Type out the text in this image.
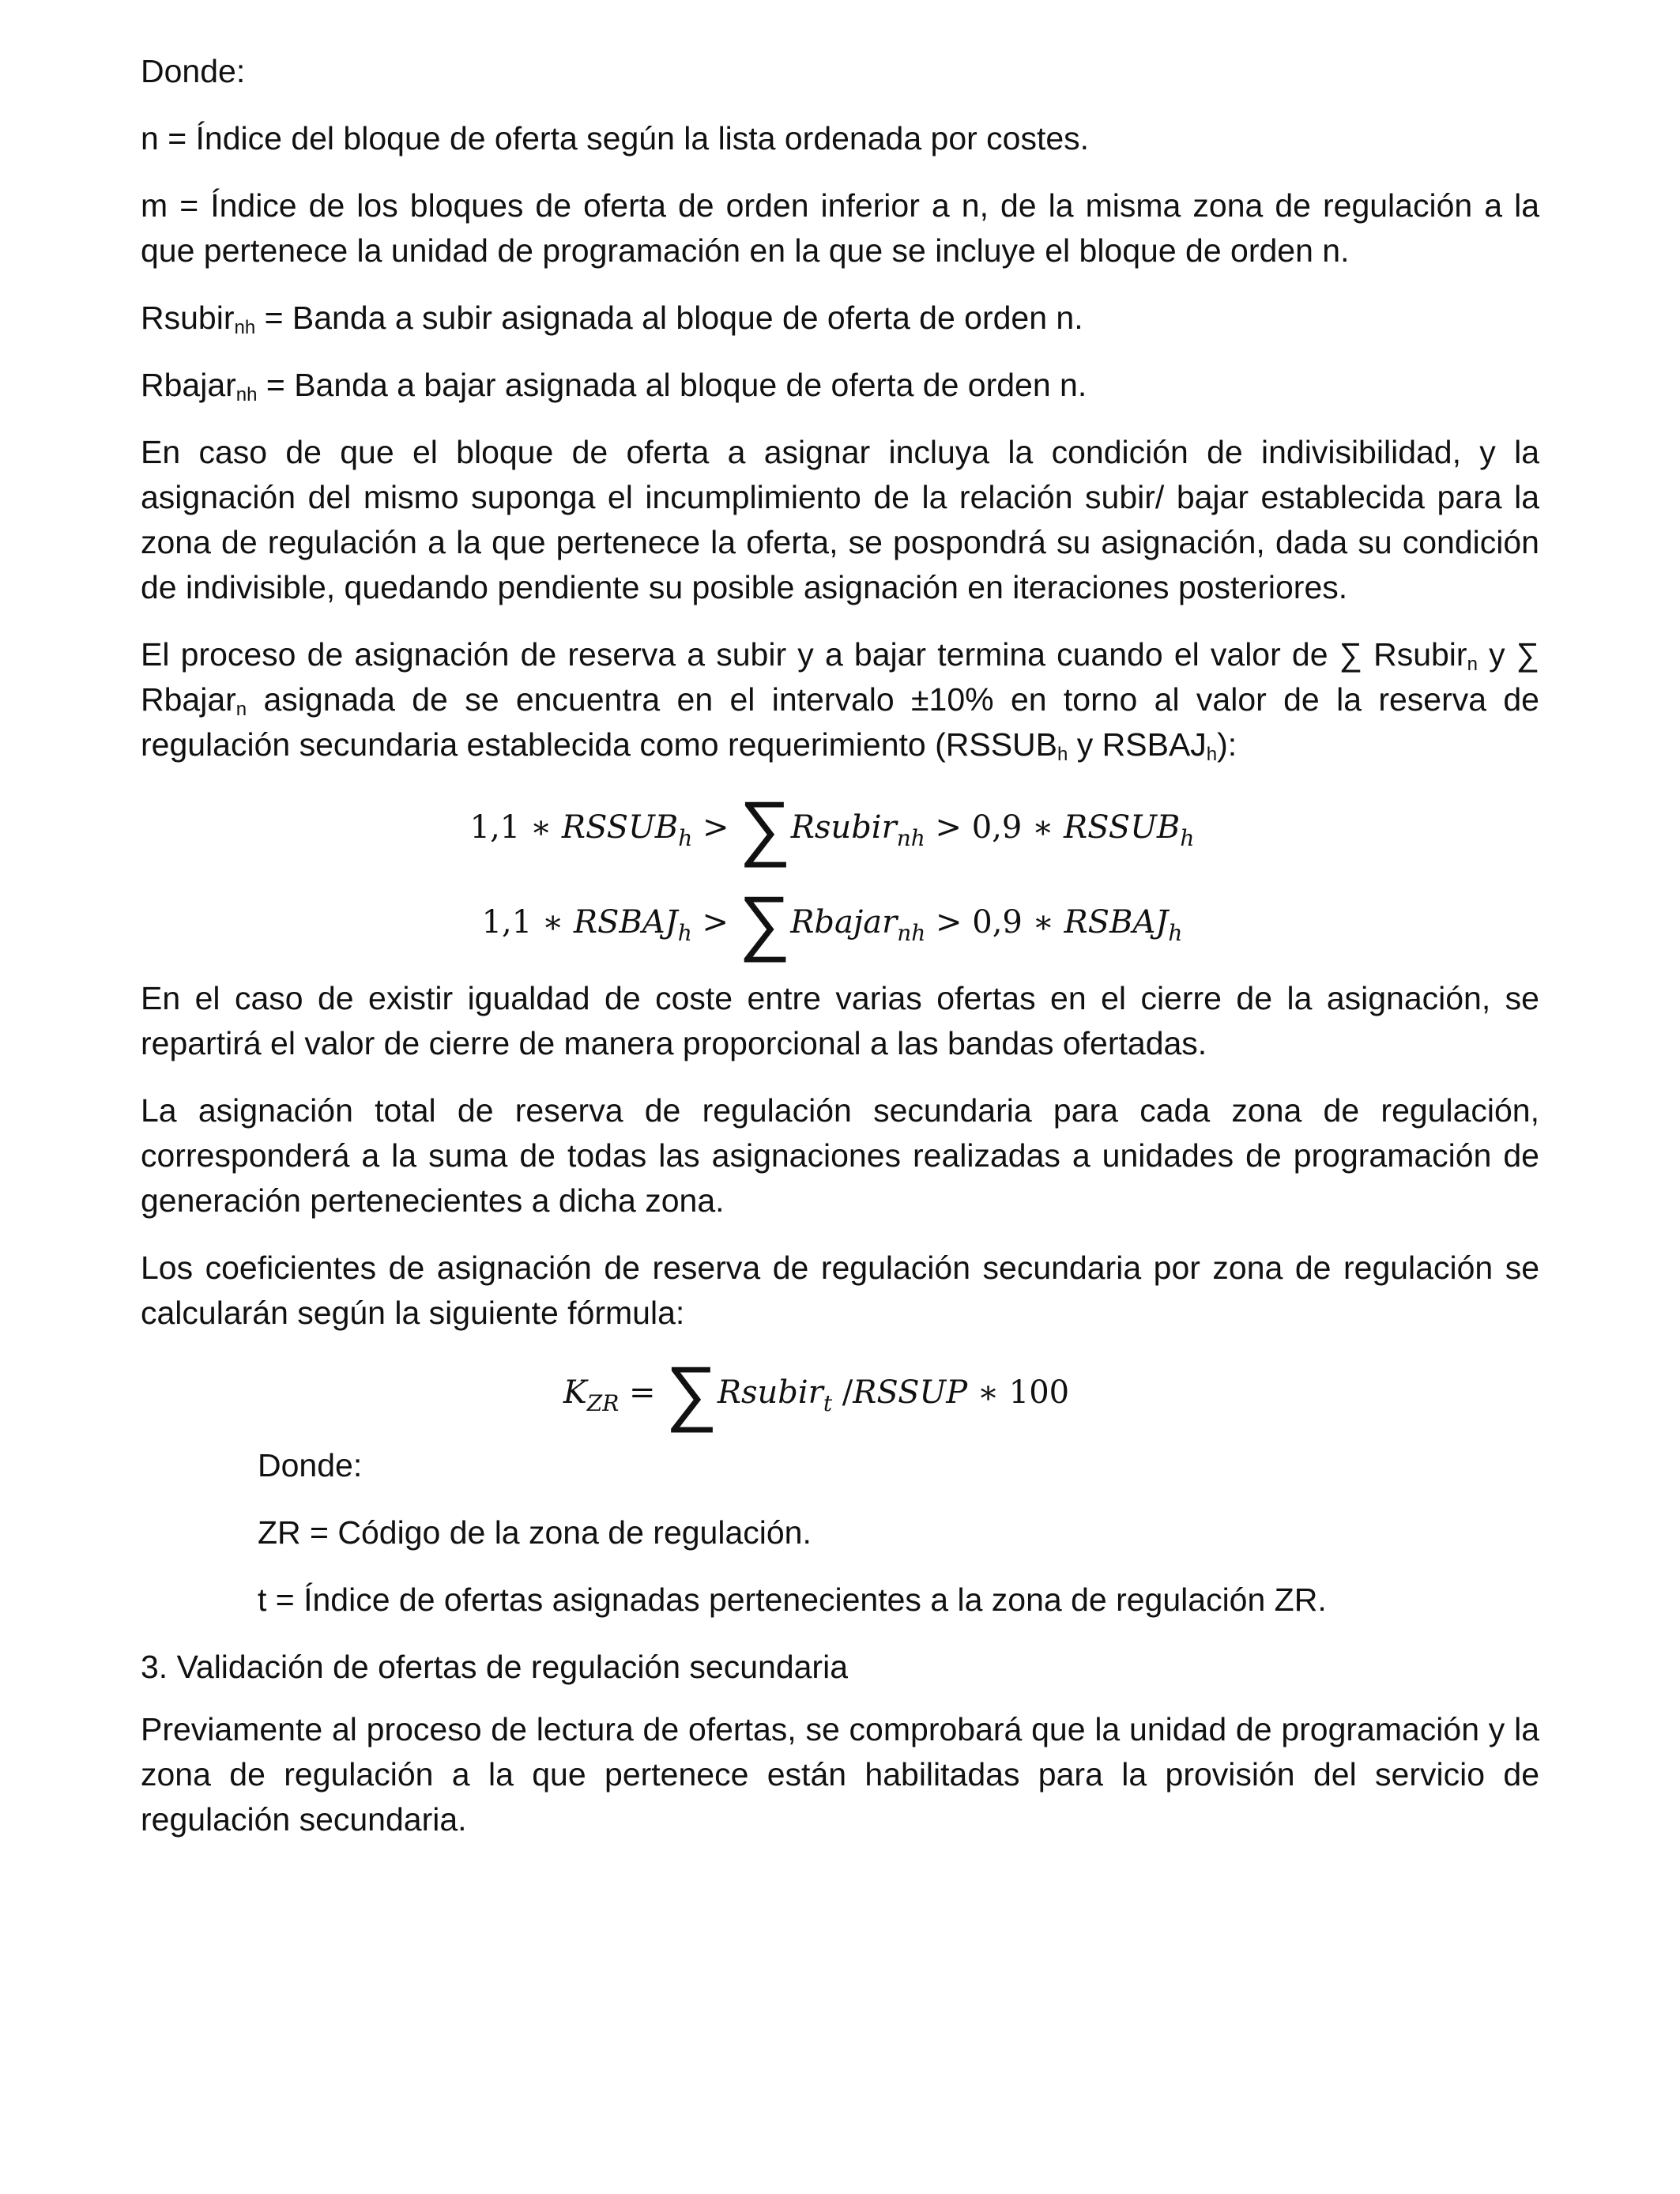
Donde:

n = Índice del bloque de oferta según la lista ordenada por costes.

m = Índice de los bloques de oferta de orden inferior a n, de la misma zona de regulación a la que pertenece la unidad de programación en la que se incluye el bloque de orden n.

Rsubir$_{nh}$ = Banda a subir asignada al bloque de oferta de orden n.

Rbajar$_{nh}$ = Banda a bajar asignada al bloque de oferta de orden n.

En caso de que el bloque de oferta a asignar incluya la condición de indivisibilidad, y la asignación del mismo suponga el incumplimiento de la relación subir/ bajar establecida para la zona de regulación a la que pertenece la oferta, se pospondrá su asignación, dada su condición de indivisible, quedando pendiente su posible asignación en iteraciones posteriores.

El proceso de asignación de reserva a subir y a bajar termina cuando el valor de ∑ Rsubir$_n$ y ∑ Rbajar$_n$ asignada de se encuentra en el intervalo ±10% en torno al valor de la reserva de regulación secundaria establecida como requerimiento ($RSSUB_h$ y $RSBAJ_h$):

1,1 ∗ $RSSUB_h$ > ∑Rsubir$_{nh}$ > 0,9 ∗ $RSSUB_h$
1,1 ∗ $RSBAJ_h$ > ∑Rbajar$_{nh}$ > 0,9 ∗ $RSBAJ_h$

En el caso de existir igualdad de coste entre varias ofertas en el cierre de la asignación, se repartirá el valor de cierre de manera proporcional a las bandas ofertadas.

La asignación total de reserva de regulación secundaria para cada zona de regulación, corresponderá a la suma de todas las asignaciones realizadas a unidades de programación de generación pertenecientes a dicha zona.

Los coeficientes de asignación de reserva de regulación secundaria por zona de regulación se calcularán según la siguiente fórmula:

$K_{ZR}$ = ∑Rsubir$_t$ /RSSUP ∗ 100

Donde:

ZR = Código de la zona de regulación.

t = Índice de ofertas asignadas pertenecientes a la zona de regulación ZR.

3. Validación de ofertas de regulación secundaria

Previamente al proceso de lectura de ofertas, se comprobará que la unidad de programación y la zona de regulación a la que pertenece están habilitadas para la provisión del servicio de regulación secundaria.
